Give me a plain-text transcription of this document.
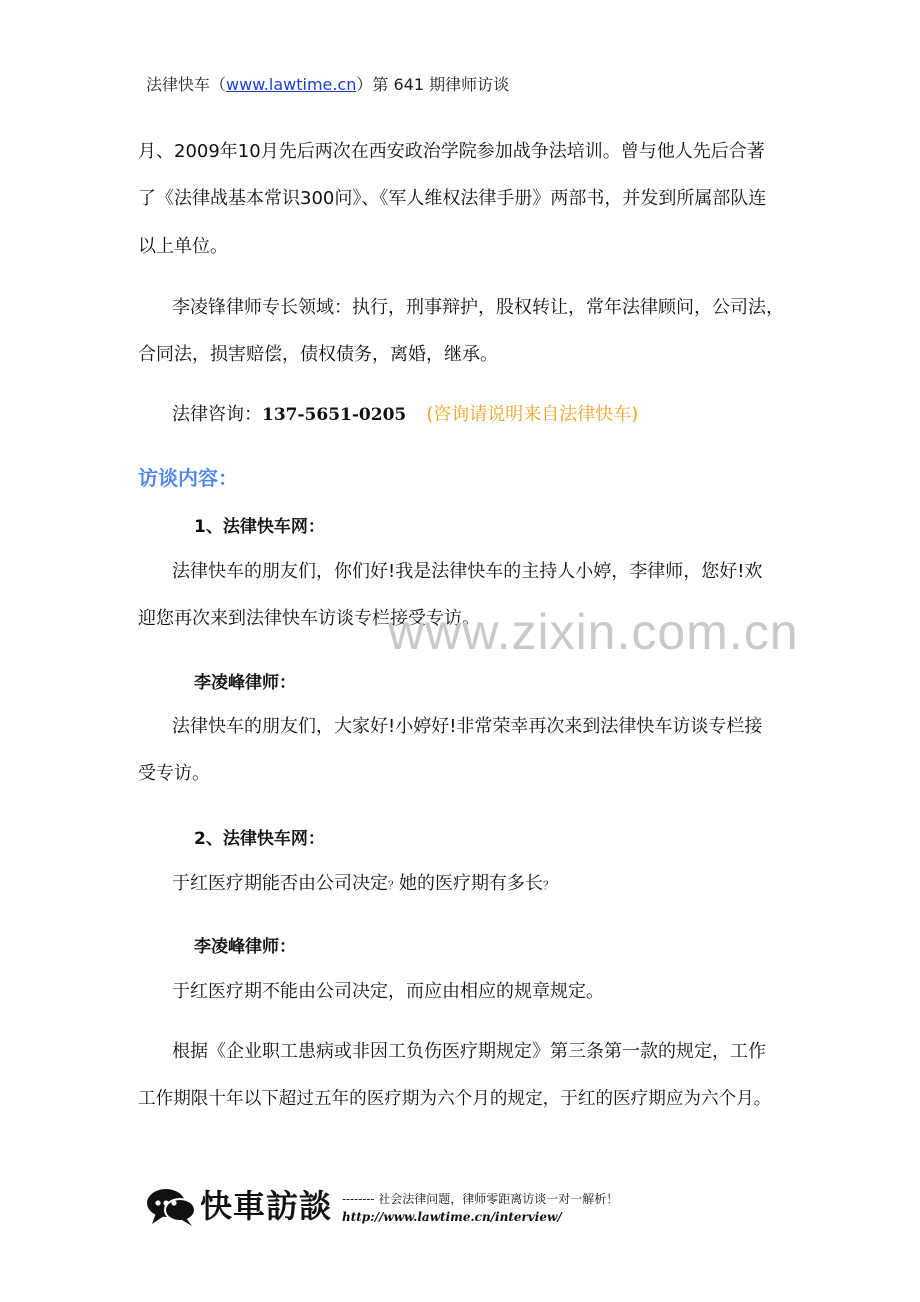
法律快车（www.lawtime.cn）第 641 期律师访谈
月、2009年10月先后两次在西安政治学院参加战争法培训。曾与他人先后合著
了《法律战基本常识300问》、《军人维权法律手册》两部书，并发到所属部队连
以上单位。
李凌锋律师专长领域：执行，刑事辩护，股权转让，常年法律顾问，公司法，
合同法，损害赔偿，债权债务，离婚，继承。
法律咨询：137-5651-0205 (咨询请说明来自法律快车)
访谈内容：
1、法律快车网：
法律快车的朋友们，你们好!我是法律快车的主持人小婷，李律师，您好!欢
迎您再次来到法律快车访谈专栏接受专访。
www.zixin.com.cn
李凌峰律师：
法律快车的朋友们，大家好!小婷好!非常荣幸再次来到法律快车访谈专栏接
受专访。
2、法律快车网：
于红医疗期能否由公司决定？她的医疗期有多长？
李凌峰律师：
于红医疗期不能由公司决定，而应由相应的规章规定。
根据《企业职工患病或非因工负伤医疗期规定》第三条第一款的规定，工作
工作期限十年以下超过五年的医疗期为六个月的规定，于红的医疗期应为六个月。
快車訪談 -------- 社会法律问题，律师零距离访谈一对一解析！
http://www.lawtime.cn/interview/
